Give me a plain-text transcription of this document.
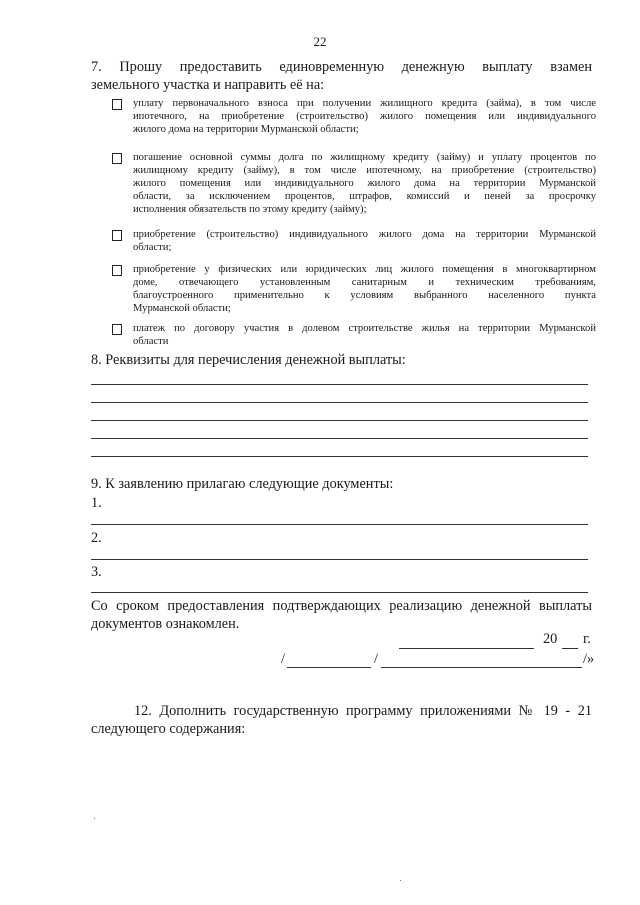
22
7. Прошу предоставить единовременную денежную выплату взамен
земельного участка и направить её на:
уплату первоначального взноса при получении жилищного кредита (займа), в том числе
ипотечного, на приобретение (строительство) жилого помещения или индивидуального
жилого дома на территории Мурманской области;
погашение основной суммы долга по жилищному кредиту (займу) и уплату процентов по
жилищному кредиту (займу), в том числе ипотечному, на приобретение (строительство)
жилого помещения или индивидуального жилого дома на территории Мурманской
области, за исключением процентов, штрафов, комиссий и пеней за просрочку
исполнения обязательств по этому кредиту (займу);
приобретение (строительство) индивидуального жилого дома на территории Мурманской
области;
приобретение у физических или юридических лиц жилого помещения в многоквартирном
доме, отвечающего установленным санитарным и техническим требованиям,
благоустроенного применительно к условиям выбранного населенного пункта
Мурманской области;
платеж по договору участия в долевом строительстве жилья на территории Мурманской
области
8. Реквизиты для перечисления денежной выплаты:
9. К заявлению прилагаю следующие документы:
1.
2.
3.
Со сроком предоставления подтверждающих реализацию денежной выплаты
документов ознакомлен.
20 г.
/	/	/»
12. Дополнить государственную программу приложениями № 19 - 21
следующего содержания:
